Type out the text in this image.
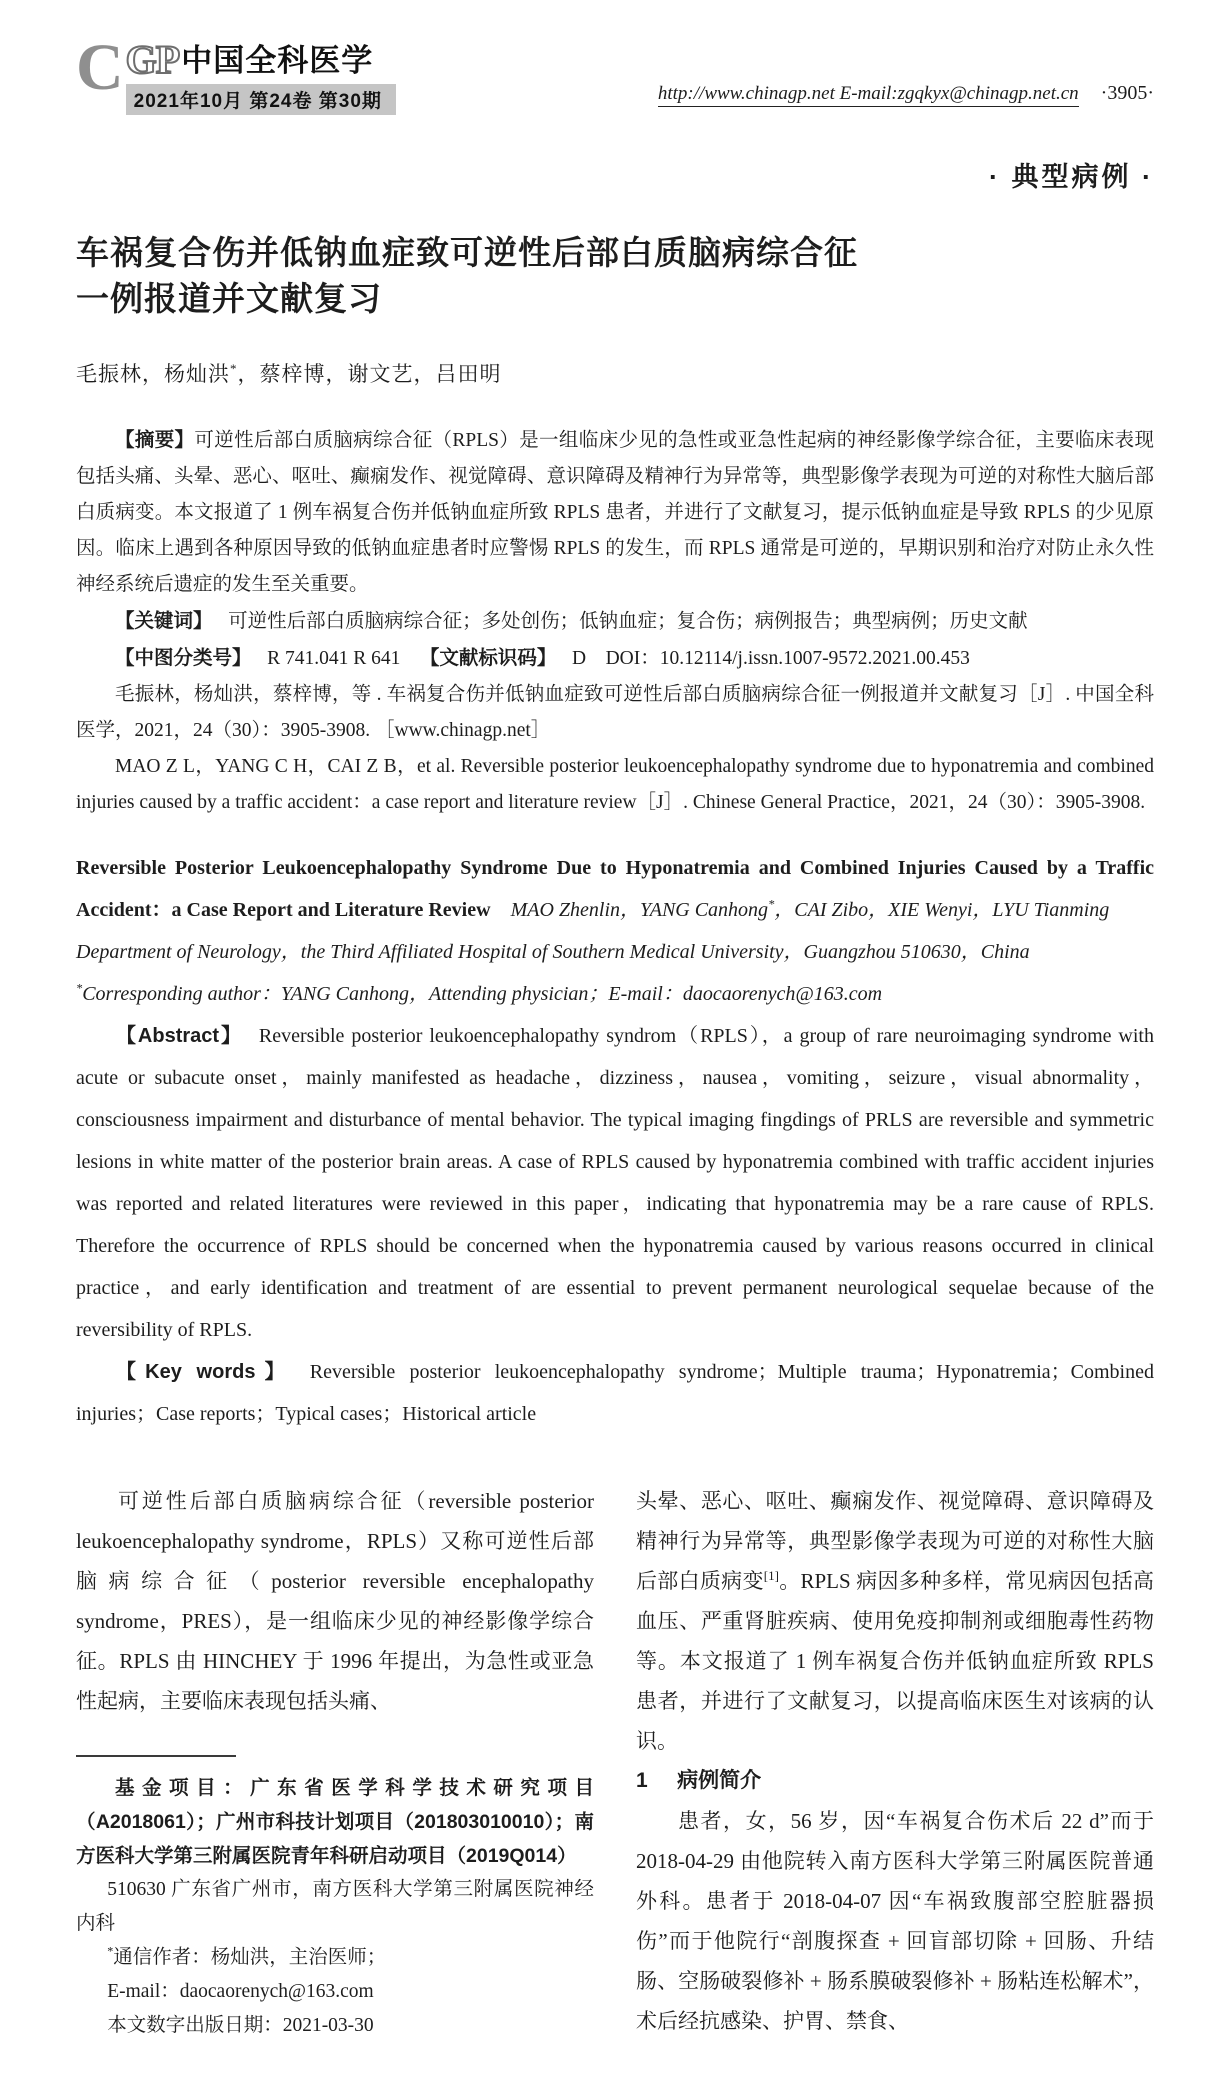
C GP 中国全科医学
2021年10月 第24卷 第30期	http://www.chinagp.net E-mail:zgqkyx@chinagp.net.cn ·3905·
· 典型病例 ·
车祸复合伤并低钠血症致可逆性后部白质脑病综合征
一例报道并文献复习
毛振林，杨灿洪*，蔡梓博，谢文艺，吕田明

【摘要】可逆性后部白质脑病综合征（RPLS）是一组临床少见的急性或亚急性起病的神经影像学综合征，主要临床表现包括头痛、头晕、恶心、呕吐、癫痫发作、视觉障碍、意识障碍及精神行为异常等，典型影像学表现为可逆的对称性大脑后部白质病变。本文报道了 1 例车祸复合伤并低钠血症所致 RPLS 患者，并进行了文献复习，提示低钠血症是导致 RPLS 的少见原因。临床上遇到各种原因导致的低钠血症患者时应警惕 RPLS 的发生，而 RPLS 通常是可逆的，早期识别和治疗对防止永久性神经系统后遗症的发生至关重要。

【关键词】 可逆性后部白质脑病综合征；多处创伤；低钠血症；复合伤；病例报告；典型病例；历史文献

【中图分类号】 R 741.041 R 641 【文献标识码】 D DOI：10.12114/j.issn.1007-9572.2021.00.453

毛振林，杨灿洪，蔡梓博，等 . 车祸复合伤并低钠血症致可逆性后部白质脑病综合征一例报道并文献复习［J］. 中国全科医学，2021，24（30）：3905-3908. ［www.chinagp.net］

MAO Z L，YANG C H，CAI Z B，et al. Reversible posterior leukoencephalopathy syndrome due to hyponatremia and combined injuries caused by a traffic accident：a case report and literature review［J］. Chinese General Practice，2021，24（30）：3905-3908.

Reversible Posterior Leukoencephalopathy Syndrome Due to Hyponatremia and Combined Injuries Caused by a Traffic Accident：a Case Report and Literature Review MAO Zhenlin，YANG Canhong*，CAI Zibo，XIE Wenyi，LYU Tianming

Department of Neurology，the Third Affiliated Hospital of Southern Medical University，Guangzhou 510630，China

*Corresponding author：YANG Canhong，Attending physician；E-mail：daocaorenych@163.com

【Abstract】 Reversible posterior leukoencephalopathy syndrom（RPLS），a group of rare neuroimaging syndrome with acute or subacute onset，mainly manifested as headache，dizziness，nausea，vomiting，seizure，visual abnormality，consciousness impairment and disturbance of mental behavior. The typical imaging fingdings of PRLS are reversible and symmetric lesions in white matter of the posterior brain areas. A case of RPLS caused by hyponatremia combined with traffic accident injuries was reported and related literatures were reviewed in this paper，indicating that hyponatremia may be a rare cause of RPLS. Therefore the occurrence of RPLS should be concerned when the hyponatremia caused by various reasons occurred in clinical practice，and early identification and treatment of are essential to prevent permanent neurological sequelae because of the reversibility of RPLS.

【Key words】 Reversible posterior leukoencephalopathy syndrome；Multiple trauma；Hyponatremia；Combined injuries；Case reports；Typical cases；Historical article

可逆性后部白质脑病综合征（reversible posterior leukoencephalopathy syndrome，RPLS）又称可逆性后部脑病综合征（posterior reversible encephalopathy syndrome，PRES），是一组临床少见的神经影像学综合征。RPLS 由 HINCHEY 于 1996 年提出，为急性或亚急性起病，主要临床表现包括头痛、

基金项目：广东省医学科学技术研究项目（A2018061）；广州市科技计划项目（201803010010）；南方医科大学第三附属医院青年科研启动项目（2019Q014）

510630 广东省广州市，南方医科大学第三附属医院神经内科

*通信作者：杨灿洪，主治医师；

E-mail：daocaorenych@163.com

本文数字出版日期：2021-03-30

头晕、恶心、呕吐、癫痫发作、视觉障碍、意识障碍及精神行为异常等，典型影像学表现为可逆的对称性大脑后部白质病变[1]。RPLS 病因多种多样，常见病因包括高血压、严重肾脏疾病、使用免疫抑制剂或细胞毒性药物等。本文报道了 1 例车祸复合伤并低钠血症所致 RPLS 患者，并进行了文献复习，以提高临床医生对该病的认识。

1 病例简介

患者，女，56 岁，因“车祸复合伤术后 22 d”而于 2018-04-29 由他院转入南方医科大学第三附属医院普通外科。患者于 2018-04-07 因“车祸致腹部空腔脏器损伤”而于他院行“剖腹探查 + 回盲部切除 + 回肠、升结肠、空肠破裂修补 + 肠系膜破裂修补 + 肠粘连松解术”，术后经抗感染、护胃、禁食、
